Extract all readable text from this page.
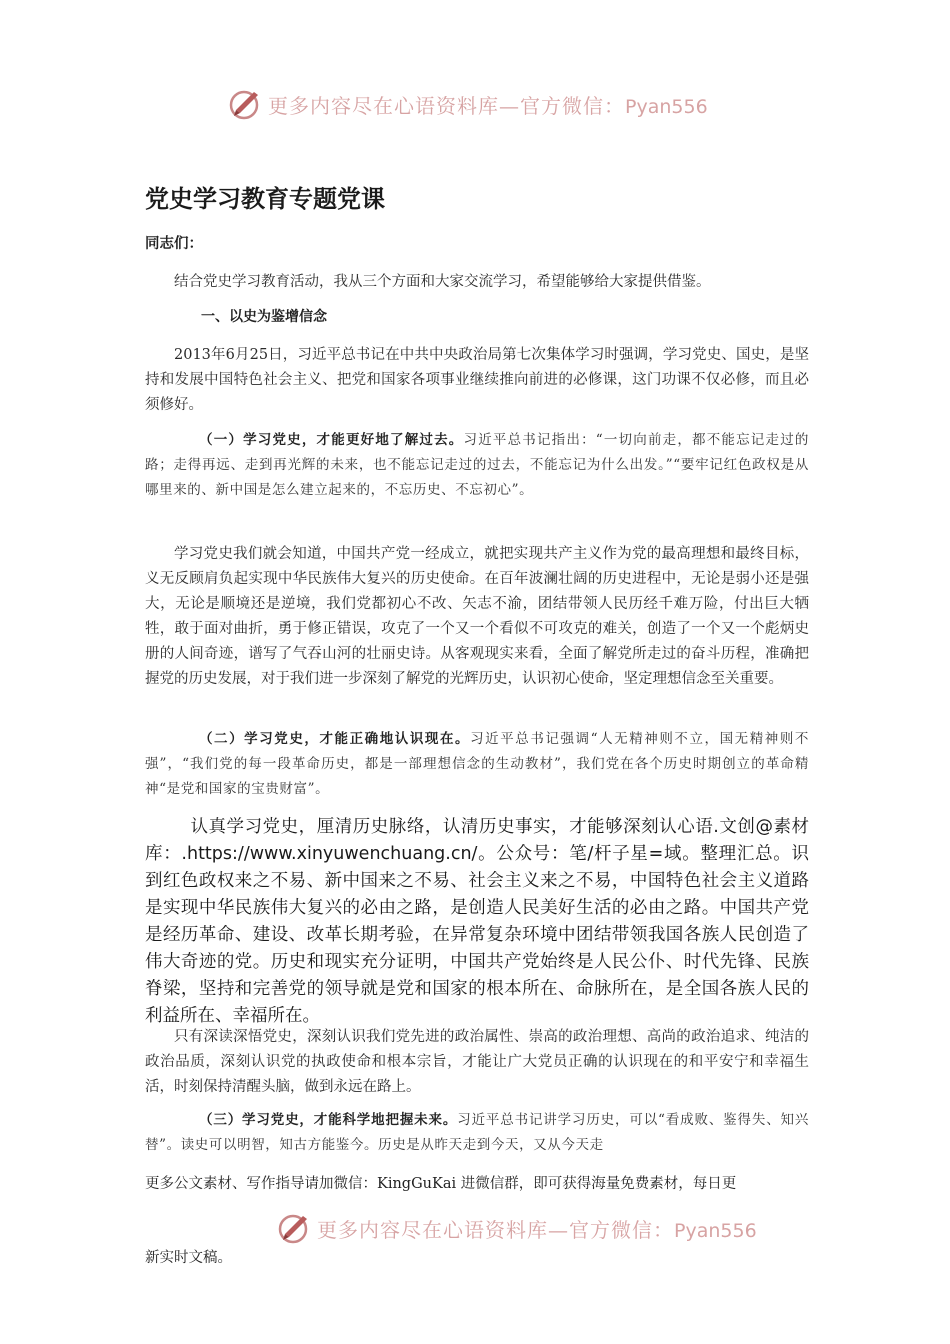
更多内容尽在心语资料库—官方微信：Pyan556
党史学习教育专题党课

同志们：

结合党史学习教育活动，我从三个方面和大家交流学习，希望能够给大家提供借鉴。

一、以史为鉴增信念

2013年6月25日，习近平总书记在中共中央政治局第七次集体学习时强调，学习党史、国史，是坚持和发展中国特色社会主义、把党和国家各项事业继续推向前进的必修课，这门功课不仅必修，而且必须修好。

（一）学习党史，才能更好地了解过去。习近平总书记指出：“一切向前走，都不能忘记走过的路；走得再远、走到再光辉的未来，也不能忘记走过的过去，不能忘记为什么出发。”“要牢记红色政权是从哪里来的、新中国是怎么建立起来的，不忘历史、不忘初心”。

学习党史我们就会知道，中国共产党一经成立，就把实现共产主义作为党的最高理想和最终目标，义无反顾肩负起实现中华民族伟大复兴的历史使命。在百年波澜壮阔的历史进程中，无论是弱小还是强大，无论是顺境还是逆境，我们党都初心不改、矢志不渝，团结带领人民历经千难万险，付出巨大牺牲，敢于面对曲折，勇于修正错误，攻克了一个又一个看似不可攻克的难关，创造了一个又一个彪炳史册的人间奇迹，谱写了气吞山河的壮丽史诗。从客观现实来看，全面了解党所走过的奋斗历程，准确把握党的历史发展，对于我们进一步深刻了解党的光辉历史，认识初心使命，坚定理想信念至关重要。

（二）学习党史，才能正确地认识现在。习近平总书记强调“人无精神则不立，国无精神则不强”，“我们党的每一段革命历史，都是一部理想信念的生动教材”，我们党在各个历史时期创立的革命精神“是党和国家的宝贵财富”。

认真学习党史，厘清历史脉络，认清历史事实，才能够深刻认心语.文创@素材库：.https://www.xinyuwenchuang.cn/。公众号：笔/杆子星=域。整理汇总。识到红色政权来之不易、新中国来之不易、社会主义来之不易，中国特色社会主义道路是实现中华民族伟大复兴的必由之路，是创造人民美好生活的必由之路。中国共产党是经历革命、建设、改革长期考验，在异常复杂环境中团结带领我国各族人民创造了伟大奇迹的党。历史和现实充分证明，中国共产党始终是人民公仆、时代先锋、民族脊梁，坚持和完善党的领导就是党和国家的根本所在、命脉所在，是全国各族人民的利益所在、幸福所在。

只有深读深悟党史，深刻认识我们党先进的政治属性、崇高的政治理想、高尚的政治追求、纯洁的政治品质，深刻认识党的执政使命和根本宗旨，才能让广大党员正确的认识现在的和平安宁和幸福生活，时刻保持清醒头脑，做到永远在路上。

（三）学习党史，才能科学地把握未来。习近平总书记讲学习历史，可以“看成败、鉴得失、知兴替”。读史可以明智，知古方能鉴今。历史是从昨天走到今天，又从今天走

更多公文素材、写作指导请加微信：KingGuKai 进微信群，即可获得海量免费素材，每日更

更多内容尽在心语资料库—官方微信：Pyan556

新实时文稿。
